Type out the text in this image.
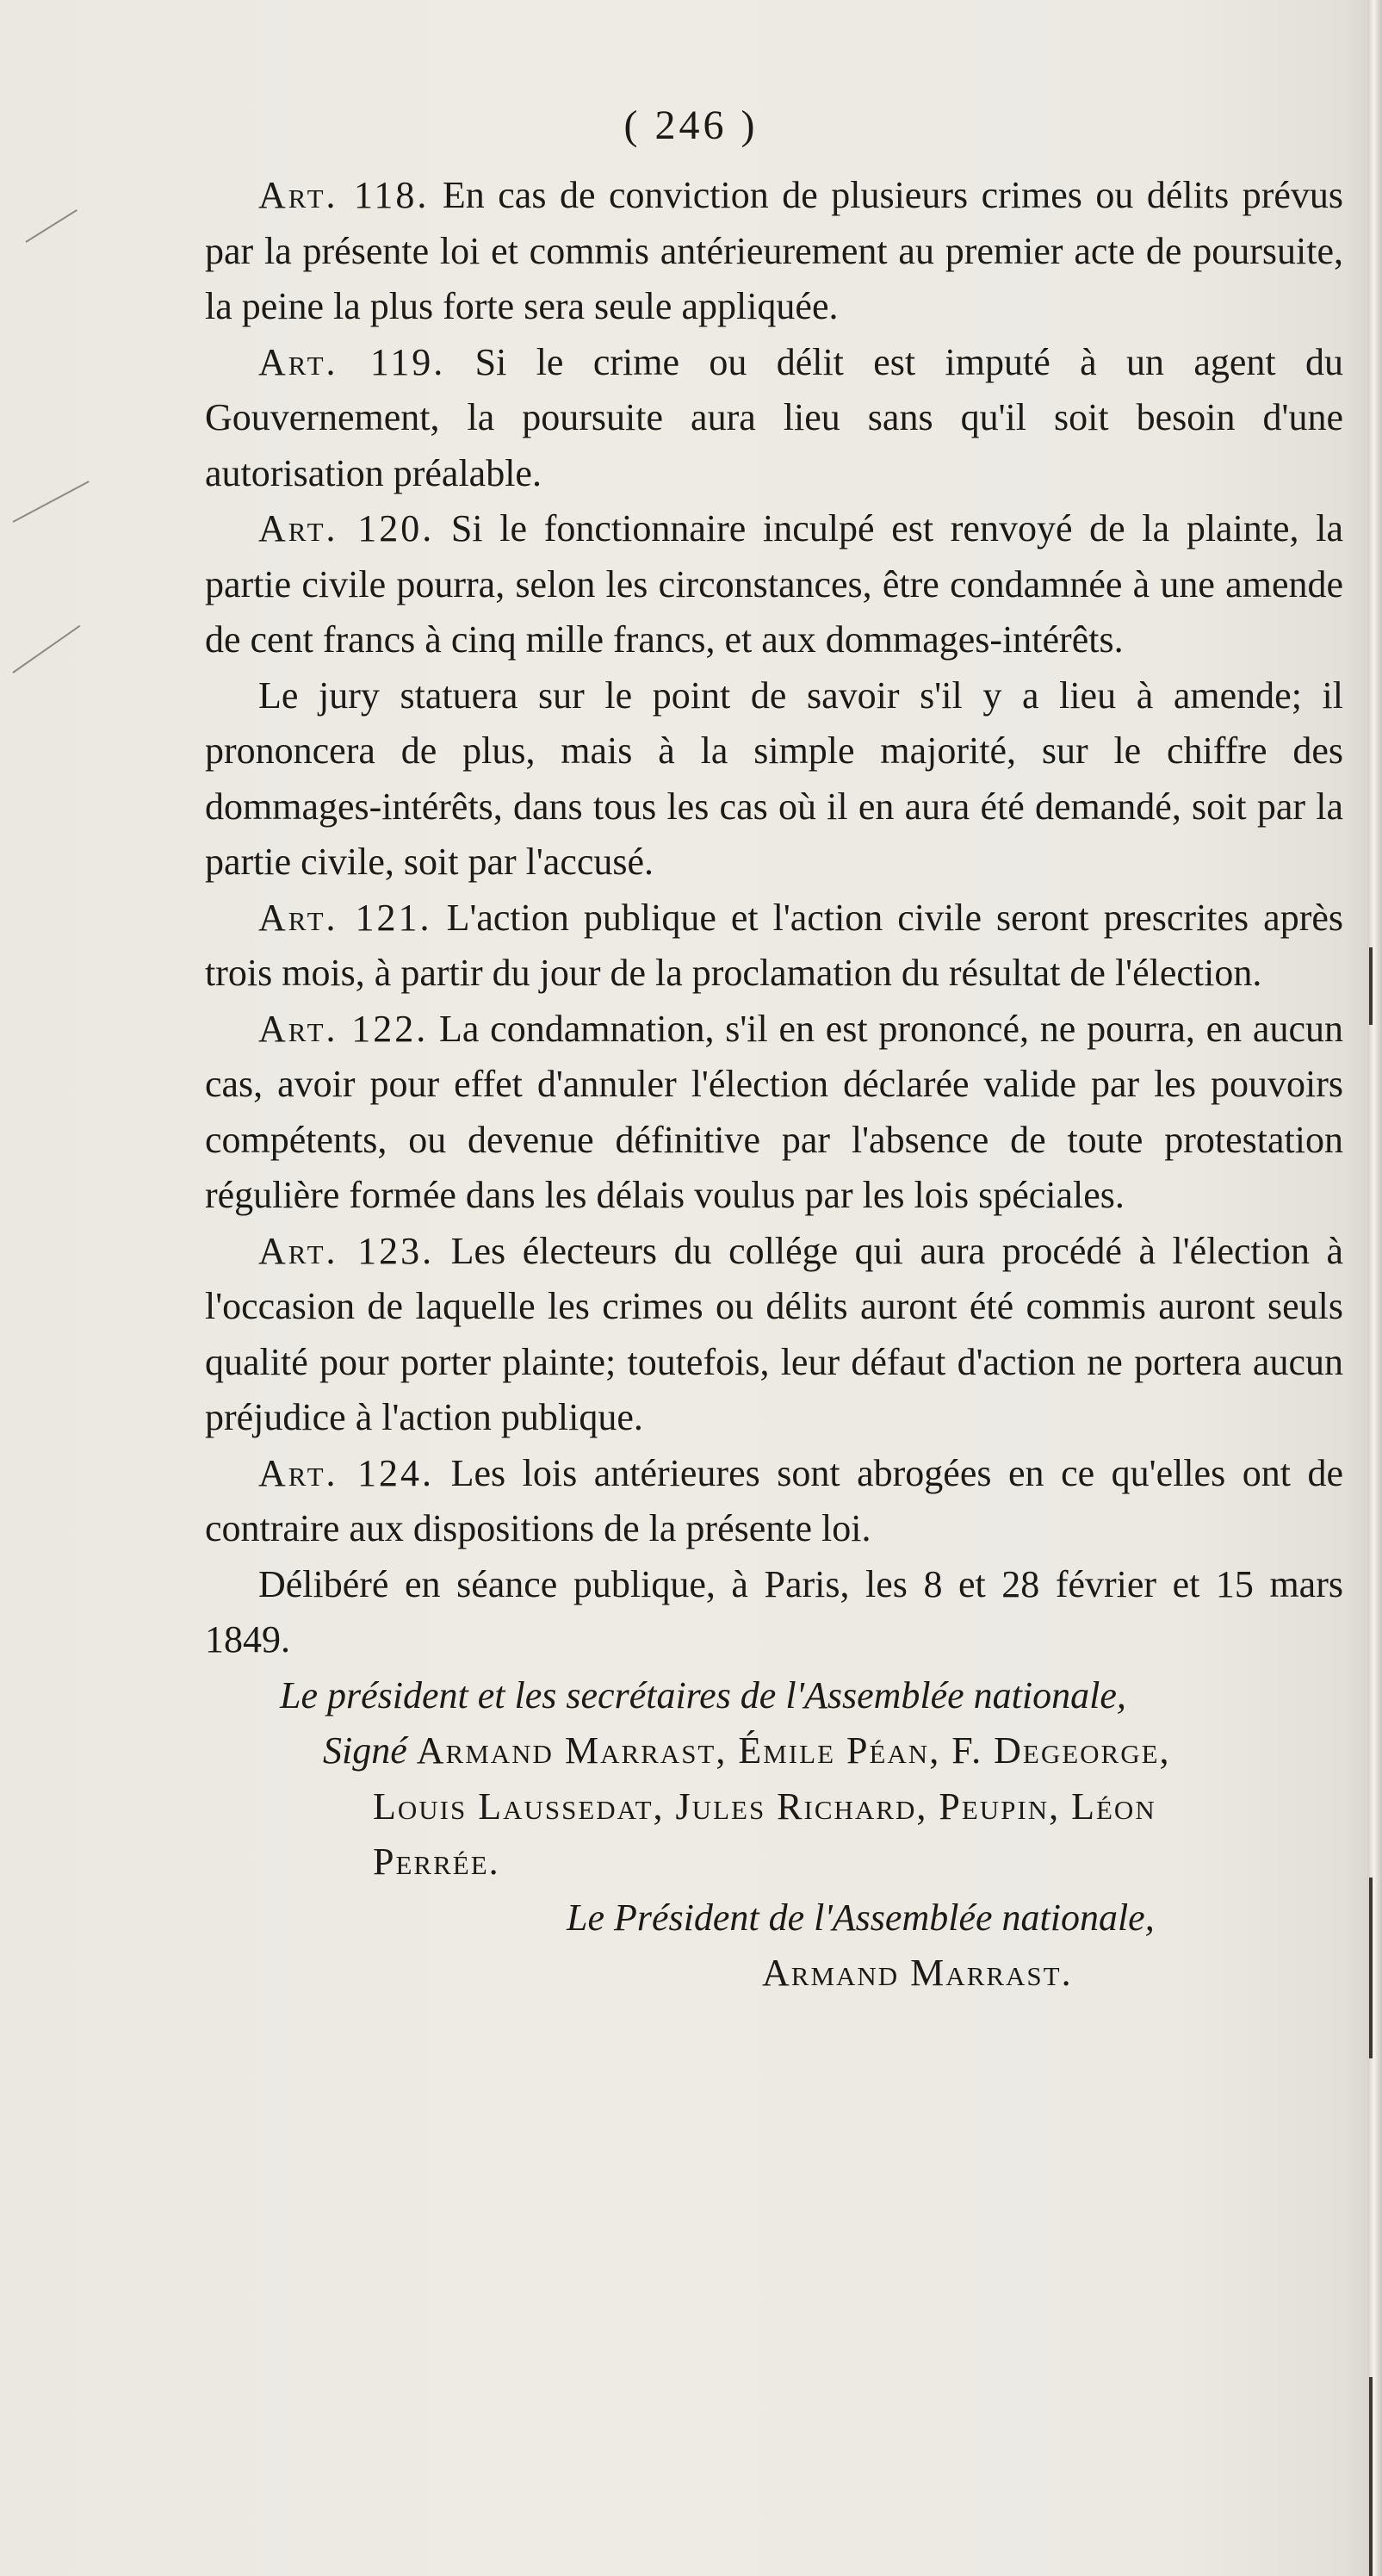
( 246 )

Art. 118. En cas de conviction de plusieurs crimes ou délits prévus par la présente loi et commis antérieurement au premier acte de poursuite, la peine la plus forte sera seule appliquée.

Art. 119. Si le crime ou délit est imputé à un agent du Gouvernement, la poursuite aura lieu sans qu'il soit besoin d'une autorisation préalable.

Art. 120. Si le fonctionnaire inculpé est renvoyé de la plainte, la partie civile pourra, selon les circonstances, être condamnée à une amende de cent francs à cinq mille francs, et aux dommages-intérêts.

Le jury statuera sur le point de savoir s'il y a lieu à amende; il prononcera de plus, mais à la simple majorité, sur le chiffre des dommages-intérêts, dans tous les cas où il en aura été demandé, soit par la partie civile, soit par l'accusé.

Art. 121. L'action publique et l'action civile seront prescrites après trois mois, à partir du jour de la proclamation du résultat de l'élection.

Art. 122. La condamnation, s'il en est prononcé, ne pourra, en aucun cas, avoir pour effet d'annuler l'élection déclarée valide par les pouvoirs compétents, ou devenue définitive par l'absence de toute protestation régulière formée dans les délais voulus par les lois spéciales.

Art. 123. Les électeurs du collége qui aura procédé à l'élection à l'occasion de laquelle les crimes ou délits auront été commis auront seuls qualité pour porter plainte; toutefois, leur défaut d'action ne portera aucun préjudice à l'action publique.

Art. 124. Les lois antérieures sont abrogées en ce qu'elles ont de contraire aux dispositions de la présente loi.

Délibéré en séance publique, à Paris, les 8 et 28 février et 15 mars 1849.

Le président et les secrétaires de l'Assemblée nationale,

Signé Armand Marrast, Émile Péan, F. Degeorge,

Louis Laussedat, Jules Richard, Peupin, Léon

Perrée.

Le Président de l'Assemblée nationale,

Armand Marrast.
